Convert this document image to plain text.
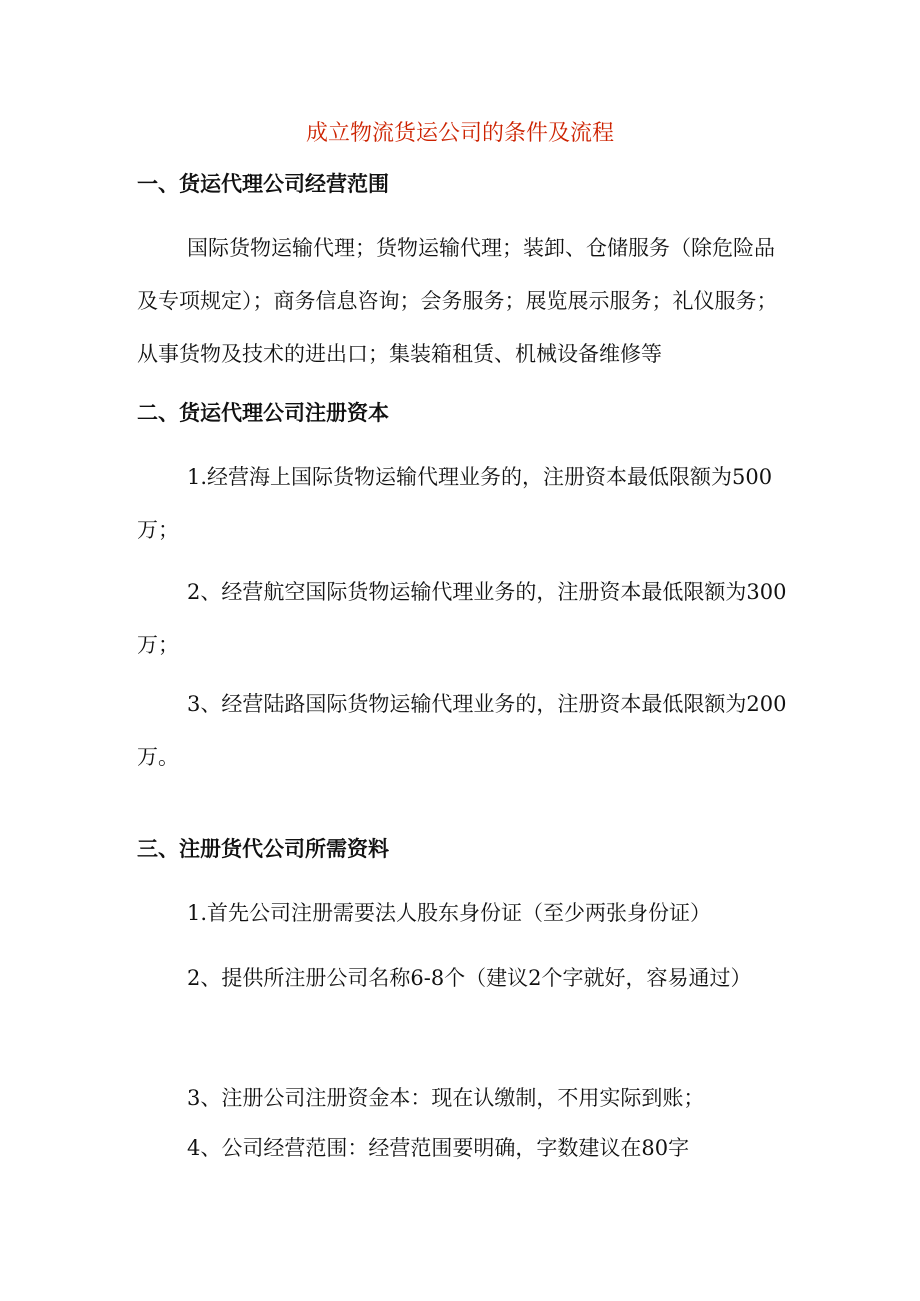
成立物流货运公司的条件及流程
一、货运代理公司经营范围
国际货物运输代理；货物运输代理；装卸、仓储服务（除危险品及专项规定）；商务信息咨询；会务服务；展览展示服务；礼仪服务；从事货物及技术的进出口；集装箱租赁、机械设备维修等
二、货运代理公司注册资本
1.经营海上国际货物运输代理业务的，注册资本最低限额为500万；
2、经营航空国际货物运输代理业务的，注册资本最低限额为300万；
3、经营陆路国际货物运输代理业务的，注册资本最低限额为200万。
三、注册货代公司所需资料
1.首先公司注册需要法人股东身份证（至少两张身份证）
2、提供所注册公司名称6-8个（建议2个字就好，容易通过）
3、注册公司注册资金本：现在认缴制，不用实际到账；
4、公司经营范围：经营范围要明确，字数建议在80字
